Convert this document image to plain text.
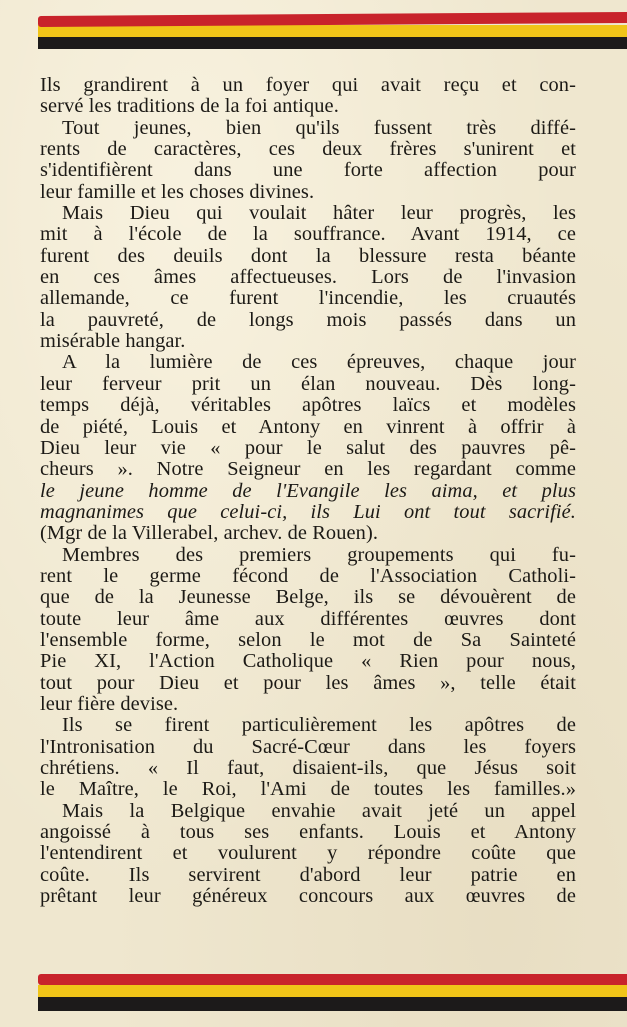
Ils grandirent à un foyer qui avait reçu et con-
servé les traditions de la foi antique.
Tout jeunes, bien qu'ils fussent très diffé-
rents de caractères, ces deux frères s'unirent et
s'identifièrent dans une forte affection pour
leur famille et les choses divines.
Mais Dieu qui voulait hâter leur progrès, les
mit à l'école de la souffrance. Avant 1914, ce
furent des deuils dont la blessure resta béante
en ces âmes affectueuses. Lors de l'invasion
allemande, ce furent l'incendie, les cruautés
la pauvreté, de longs mois passés dans un
misérable hangar.
A la lumière de ces épreuves, chaque jour
leur ferveur prit un élan nouveau. Dès long-
temps déjà, véritables apôtres laïcs et modèles
de piété, Louis et Antony en vinrent à offrir à
Dieu leur vie « pour le salut des pauvres pê-
cheurs ». Notre Seigneur en les regardant comme
le jeune homme de l'Evangile les aima, et plus
magnanimes que celui-ci, ils Lui ont tout sacrifié.
(Mgr de la Villerabel, archev. de Rouen).
Membres des premiers groupements qui fu-
rent le germe fécond de l'Association Catholi-
que de la Jeunesse Belge, ils se dévouèrent de
toute leur âme aux différentes œuvres dont
l'ensemble forme, selon le mot de Sa Sainteté
Pie XI, l'Action Catholique « Rien pour nous,
tout pour Dieu et pour les âmes », telle était
leur fière devise.
Ils se firent particulièrement les apôtres de
l'Intronisation du Sacré-Cœur dans les foyers
chrétiens. « Il faut, disaient-ils, que Jésus soit
le Maître, le Roi, l'Ami de toutes les familles.»
Mais la Belgique envahie avait jeté un appel
angoissé à tous ses enfants. Louis et Antony
l'entendirent et voulurent y répondre coûte que
coûte. Ils servirent d'abord leur patrie en
prêtant leur généreux concours aux œuvres de
